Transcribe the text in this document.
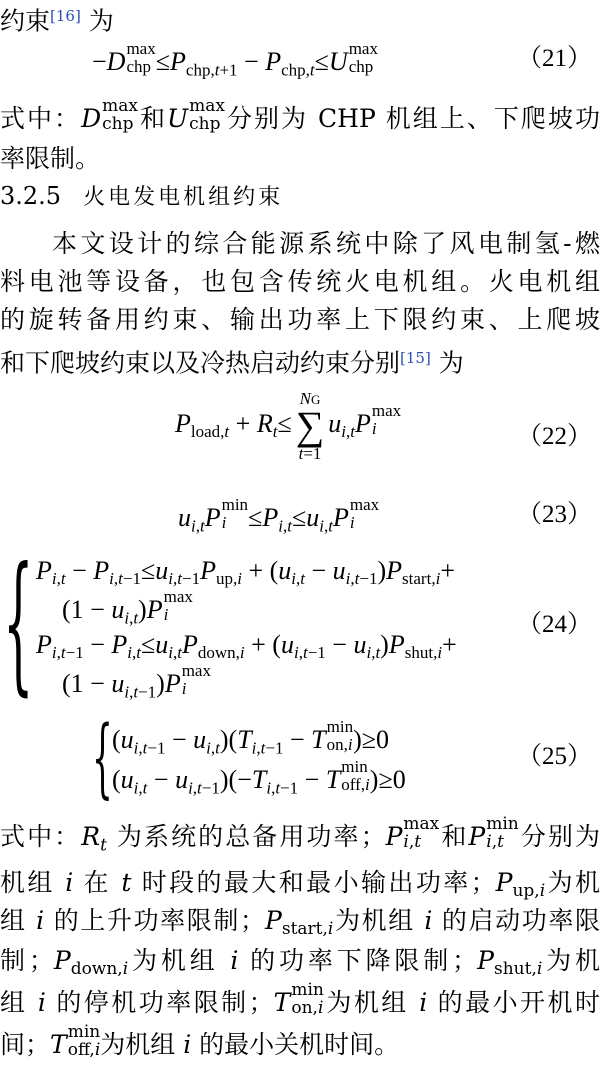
约束[16] 为
−D max
chp $\le P_{chp,t+1} - P_{chp,t}\le U$ max
chp	（21）
式中：D max
chp 和U max
chp 分别为 CHP 机组上、下爬坡功
率限制。
3.2.5 火电发电机组约束
本文设计的综合能源系统中除了风电制氢-燃
料电池等设备，也包含传统火电机组。火电机组
的旋转备用约束、输出功率上下限约束、上爬坡
和下爬坡约束以及冷热启动约束分别[15] 为
$P_{load,t} + R_t\le$
NG
∑
t=1
$u_{i,t}P$ max
i	（22）
$u_{i,t}P$ min
$i \le P_{i,t}\le u_{i,t}P$ max
i	（23）
{ $P_{i,t} - P_{i,t-1}\le u_{i,t-1}P_{up,i} + (u_{i,t} - u_{i,t-1})P_{start,i}+$
$(1 - u_{i,t})P$ max
i
$P_{i,t-1} - P_{i,t}\le u_{i,t}P_{down,i} + (u_{i,t-1} - u_{i,t})P_{shut,i}+$
$(1 - u_{i,t-1})P$ max
i
（24）
{ $(u_{i,t-1} - u_{i,t})(T_{i,t-1} - T$ min
on,i )≥0
$(u_{i,t} - u_{i,t-1})(-T_{i,t-1} - T$ min
off,i )≥0
（25）
式中：$R_t$ 为系统的总备用功率；P max
i,t 和P min
i,t 分别为
机组 i 在 t 时段的最大和最小输出功率；$P_{up,i}$为机
组 i 的上升功率限制；$P_{start,i}$为机组 i 的启动功率限
制；$P_{down,i}$为机组 i 的功率下降限制；$P_{shut,i}$为机
组 i 的停机功率限制；T min
on,i 为机组 i 的最小开机时
间；T min
off,i 为机组 i 的最小关机时间。
